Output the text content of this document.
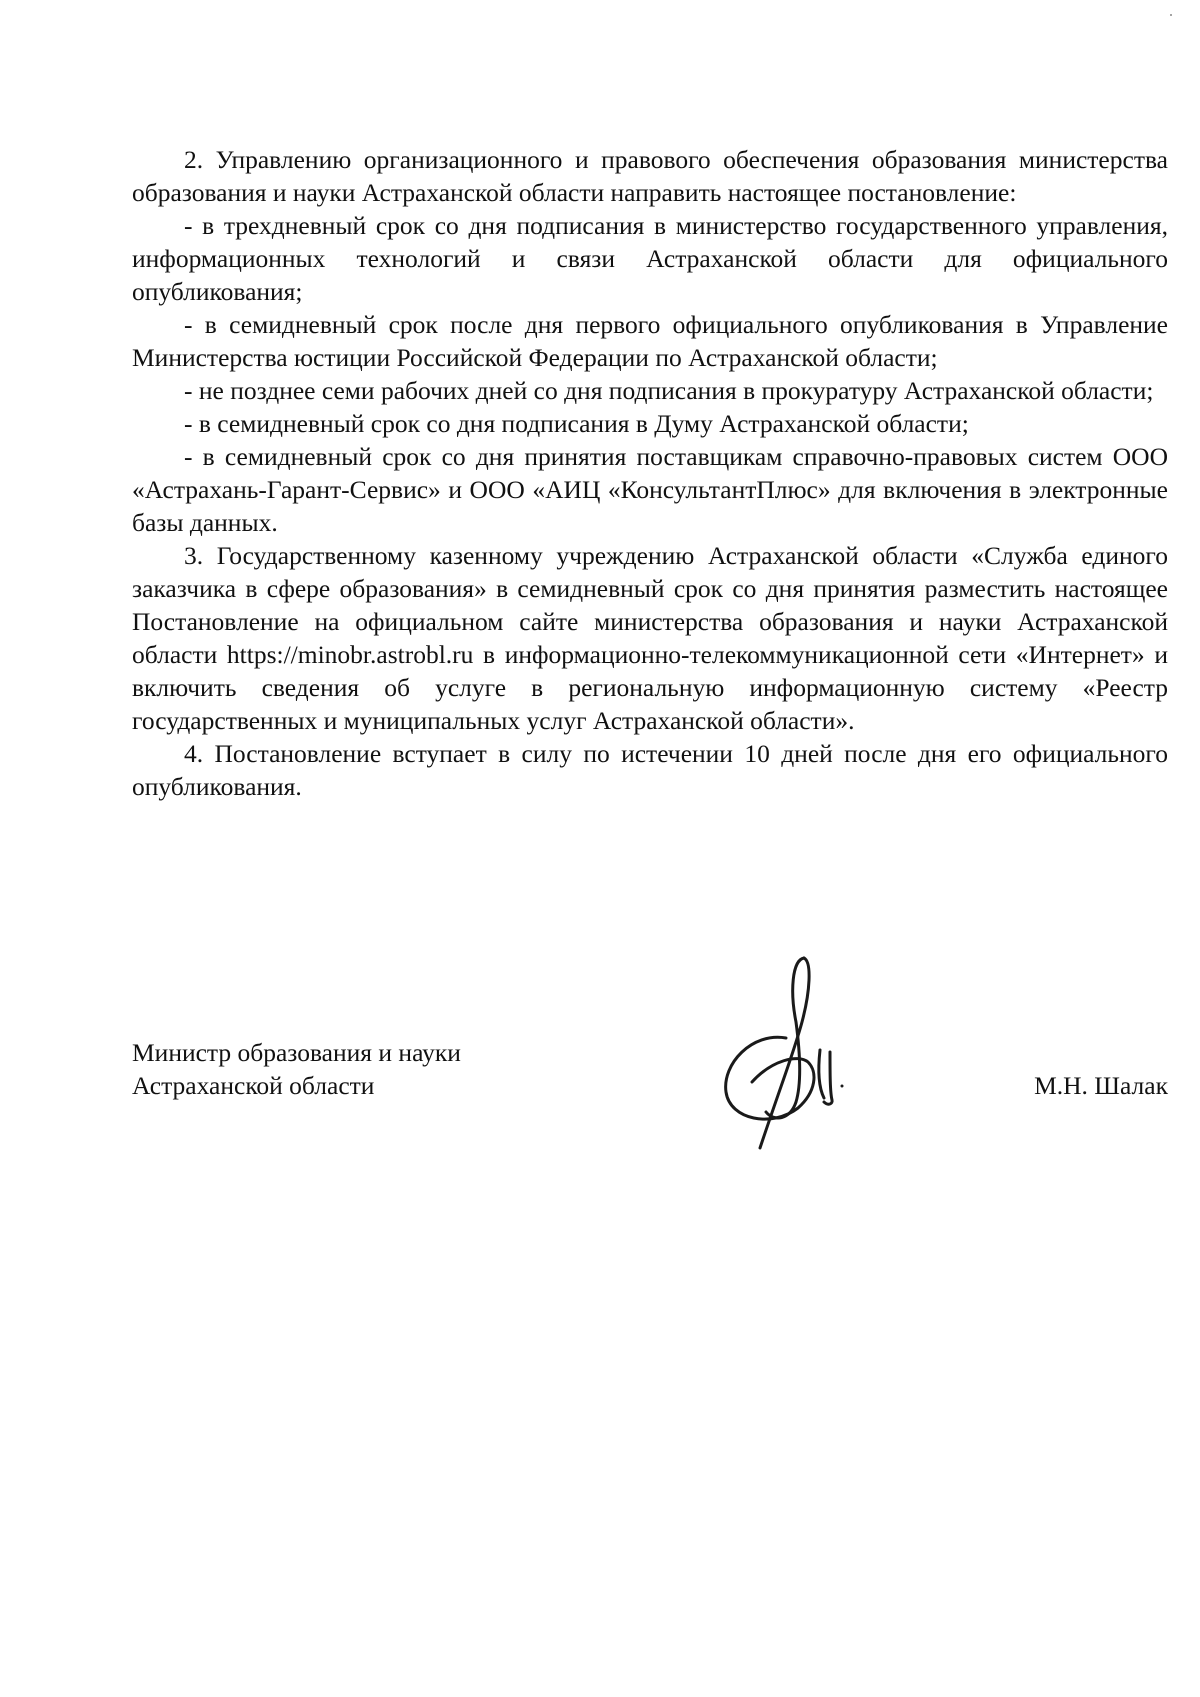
2. Управлению организационного и правового обеспечения образования министерства образования и науки Астраханской области направить настоящее постановление:

- в трехдневный срок со дня подписания в министерство государственного управления, информационных технологий и связи Астраханской области для официального опубликования;

- в семидневный срок после дня первого официального опубликования в Управление Министерства юстиции Российской Федерации по Астраханской области;

- не позднее семи рабочих дней со дня подписания в прокуратуру Астраханской области;

- в семидневный срок со дня подписания в Думу Астраханской области;

- в семидневный срок со дня принятия поставщикам справочно-правовых систем ООО «Астрахань-Гарант-Сервис» и ООО «АИЦ «КонсультантПлюс» для включения в электронные базы данных.

3. Государственному казенному учреждению Астраханской области «Служба единого заказчика в сфере образования» в семидневный срок со дня принятия разместить настоящее Постановление на официальном сайте министерства образования и науки Астраханской области https://minobr.astrobl.ru в информационно-телекоммуникационной сети «Интернет» и включить сведения об услуге в региональную информационную систему «Реестр государственных и муниципальных услуг Астраханской области».

4. Постановление вступает в силу по истечении 10 дней после дня его официального опубликования.

Министр образования и науки
Астраханской области	М.Н. Шалак
